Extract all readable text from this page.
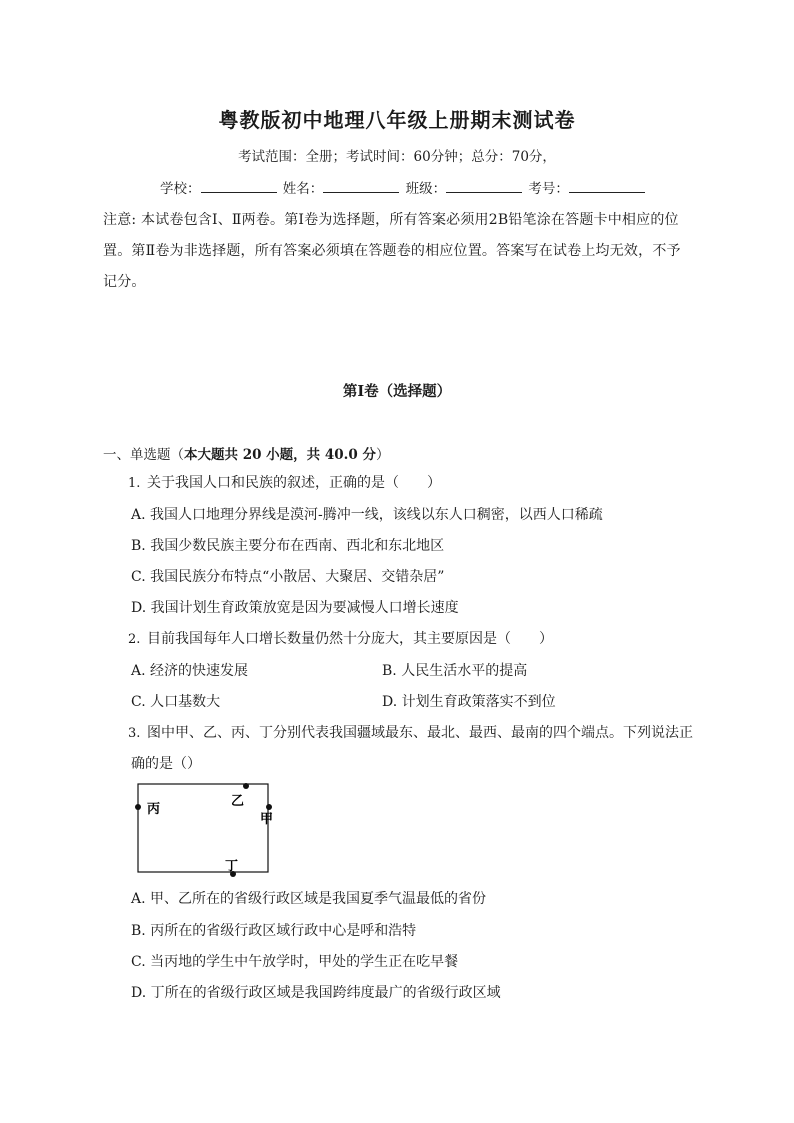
粤教版初中地理八年级上册期末测试卷
考试范围：全册；考试时间：60分钟；总分：70分，
学校：	姓名：	班级：	考号：
注意: 本试卷包含Ⅰ、Ⅱ两卷。第Ⅰ卷为选择题，所有答案必须用2B铅笔涂在答题卡中相应的位置。第Ⅱ卷为非选择题，所有答案必须填在答题卷的相应位置。答案写在试卷上均无效，不予记分。
第Ⅰ卷（选择题）
一、单选题（本大题共 20 小题，共 40.0 分）
1. 关于我国人口和民族的叙述，正确的是（　　）
A. 我国人口地理分界线是漠河-腾冲一线，该线以东人口稠密，以西人口稀疏
B. 我国少数民族主要分布在西南、西北和东北地区
C. 我国民族分布特点“小散居、大聚居、交错杂居”
D. 我国计划生育政策放宽是因为要减慢人口增长速度
2. 目前我国每年人口增长数量仍然十分庞大，其主要原因是（　　）
A. 经济的快速发展	B. 人民生活水平的提高
C. 人口基数大	D. 计划生育政策落实不到位
3. 图中甲、乙、丙、丁分别代表我国疆域最东、最北、最西、最南的四个端点。下列说法正
确的是（）
乙
甲
丙
丁
A. 甲、乙所在的省级行政区域是我国夏季气温最低的省份
B. 丙所在的省级行政区域行政中心是呼和浩特
C. 当丙地的学生中午放学时，甲处的学生正在吃早餐
D. 丁所在的省级行政区域是我国跨纬度最广的省级行政区域
